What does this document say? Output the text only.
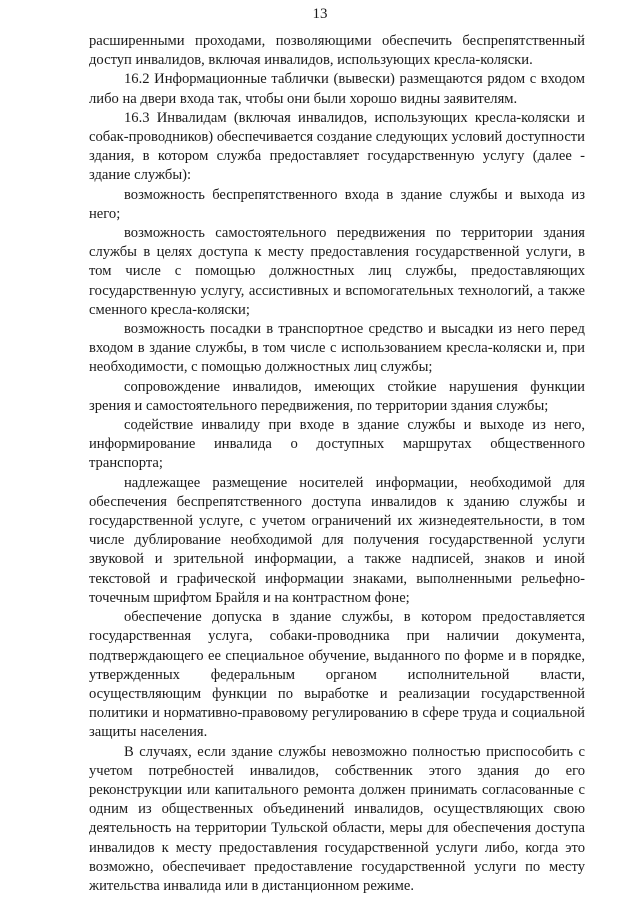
13

расширенными проходами, позволяющими обеспечить беспрепятственный доступ инвалидов, включая инвалидов, использующих кресла-коляски.

16.2 Информационные таблички (вывески) размещаются рядом с входом либо на двери входа так, чтобы они были хорошо видны заявителям.

16.3 Инвалидам (включая инвалидов, использующих кресла-коляски и собак-проводников) обеспечивается создание следующих условий доступности здания, в котором служба предоставляет государственную услугу (далее - здание службы):

возможность беспрепятственного входа в здание службы и выхода из него;

возможность самостоятельного передвижения по территории здания службы в целях доступа к месту предоставления государственной услуги, в том числе с помощью должностных лиц службы, предоставляющих государственную услугу, ассистивных и вспомогательных технологий, а также сменного кресла-коляски;

возможность посадки в транспортное средство и высадки из него перед входом в здание службы, в том числе с использованием кресла-коляски и, при необходимости, с помощью должностных лиц службы;

сопровождение инвалидов, имеющих стойкие нарушения функции зрения и самостоятельного передвижения, по территории здания службы;

содействие инвалиду при входе в здание службы и выходе из него, информирование инвалида о доступных маршрутах общественного транспорта;

надлежащее размещение носителей информации, необходимой для обеспечения беспрепятственного доступа инвалидов к зданию службы и государственной услуге, с учетом ограничений их жизнедеятельности, в том числе дублирование необходимой для получения государственной услуги звуковой и зрительной информации, а также надписей, знаков и иной текстовой и графической информации знаками, выполненными рельефно-точечным шрифтом Брайля и на контрастном фоне;

обеспечение допуска в здание службы, в котором предоставляется государственная услуга, собаки-проводника при наличии документа, подтверждающего ее специальное обучение, выданного по форме и в порядке, утвержденных федеральным органом исполнительной власти, осуществляющим функции по выработке и реализации государственной политики и нормативно-правовому регулированию в сфере труда и социальной защиты населения.

В случаях, если здание службы невозможно полностью приспособить с учетом потребностей инвалидов, собственник этого здания до его реконструкции или капитального ремонта должен принимать согласованные с одним из общественных объединений инвалидов, осуществляющих свою деятельность на территории Тульской области, меры для обеспечения доступа инвалидов к месту предоставления государственной услуги либо, когда это возможно, обеспечивает предоставление государственной услуги по месту жительства инвалида или в дистанционном режиме.
